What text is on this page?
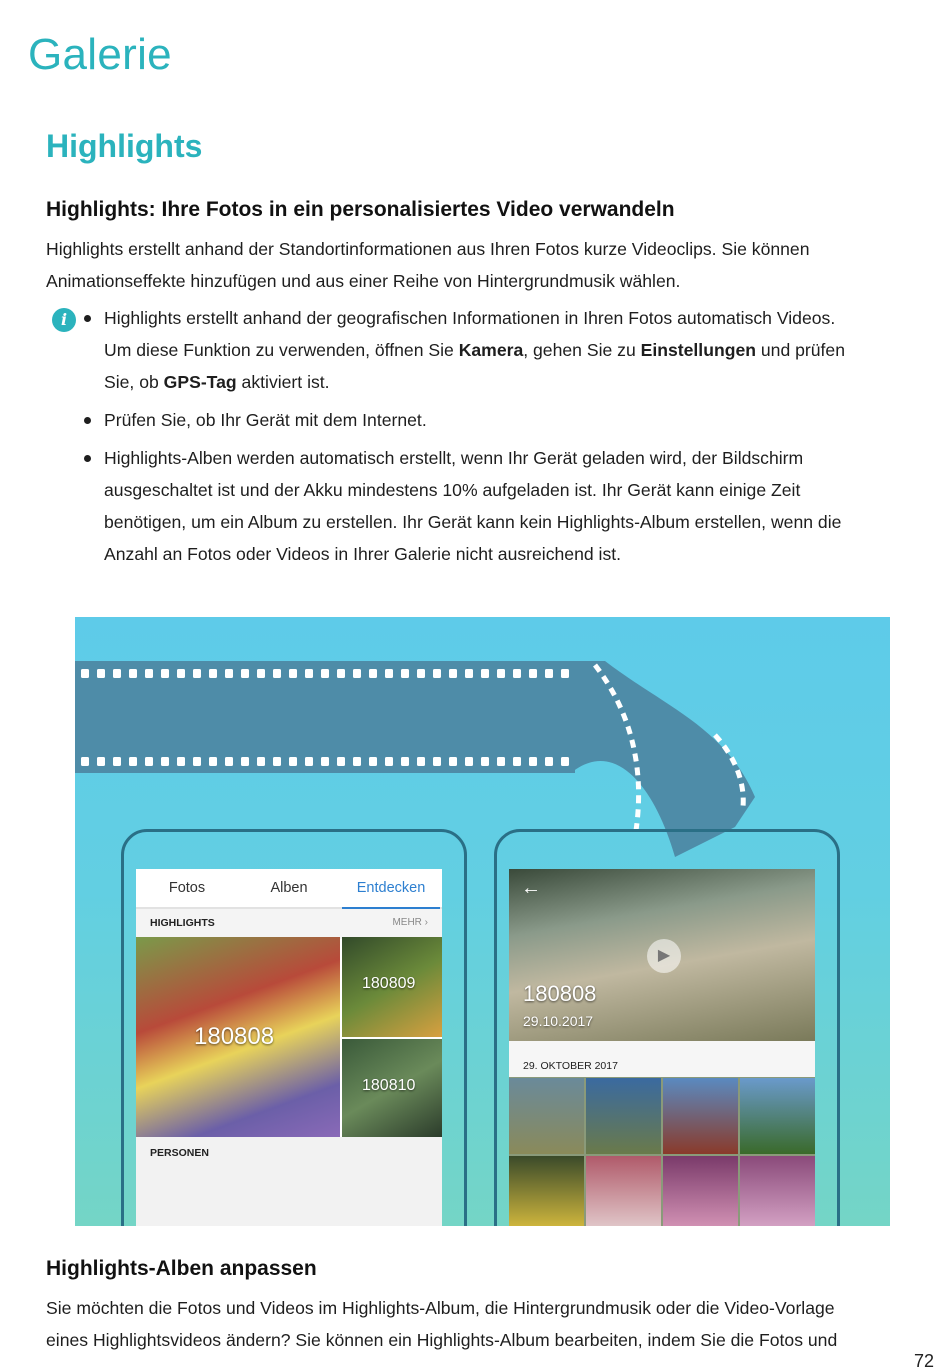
Galerie
Highlights
Highlights: Ihre Fotos in ein personalisiertes Video verwandeln

Highlights erstellt anhand der Standortinformationen aus Ihren Fotos kurze Videoclips. Sie können
Animationseffekte hinzufügen und aus einer Reihe von Hintergrundmusik wählen.

i	Highlights erstellt anhand der geografischen Informationen in Ihren Fotos automatisch Videos.
Um diese Funktion zu verwenden, öffnen Sie Kamera, gehen Sie zu Einstellungen und prüfen
Sie, ob GPS-Tag aktiviert ist.
Prüfen Sie, ob Ihr Gerät mit dem Internet.
Highlights-Alben werden automatisch erstellt, wenn Ihr Gerät geladen wird, der Bildschirm
ausgeschaltet ist und der Akku mindestens 10% aufgeladen ist. Ihr Gerät kann einige Zeit
benötigen, um ein Album zu erstellen. Ihr Gerät kann kein Highlights-Album erstellen, wenn die
Anzahl an Fotos oder Videos in Ihrer Galerie nicht ausreichend ist.
Fotos	Alben	Entdecken
HIGHLIGHTS	MEHR ›
180808
180809
180810
PERSONEN
←
▶
180808
29.10.2017
29. OKTOBER 2017
Highlights-Alben anpassen

Sie möchten die Fotos und Videos im Highlights-Album, die Hintergrundmusik oder die Video-Vorlage
eines Highlightsvideos ändern? Sie können ein Highlights-Album bearbeiten, indem Sie die Fotos und

72
